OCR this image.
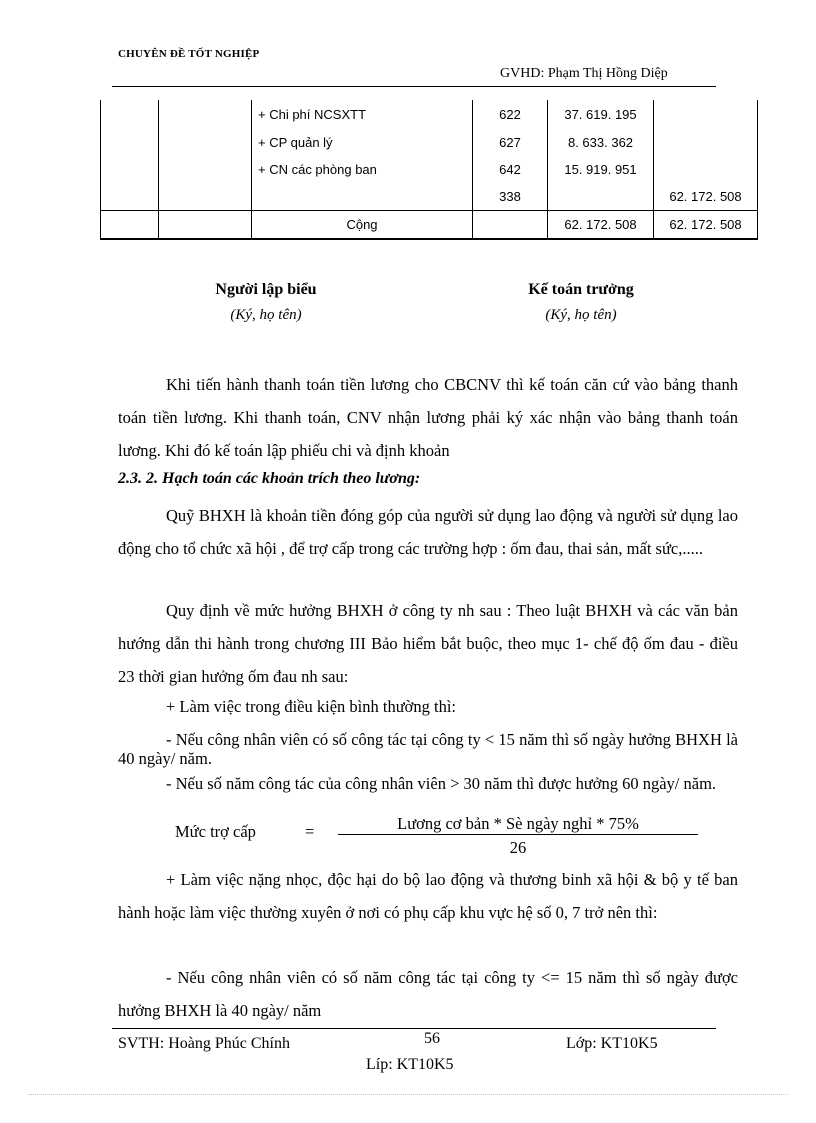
CHUYÊN ĐỀ TỐT NGHIỆP
GVHD: Phạm Thị Hồng Diệp
		+ Chi phí NCSXTT	622	37. 619. 195	
		+ CP quản lý	627	8. 633. 362	
		+ CN các phòng ban	642	15. 919. 951	
			338		62. 172. 508
		Cộng		62. 172. 508	62. 172. 508
Người lập biểu
(Ký, họ tên)
Kế toán trưởng
(Ký, họ tên)
Khi tiến hành thanh toán tiền lương cho CBCNV thì kế toán căn cứ vào bảng thanh toán tiền lương. Khi thanh toán, CNV nhận lương phải ký xác nhận vào bảng thanh toán lương. Khi đó kế toán lập phiếu chi và định khoản
2.3. 2. Hạch toán các khoản trích theo lương:
Quỹ BHXH là khoản tiền đóng góp của người sử dụng lao động và người sử dụng lao động cho tổ chức xã hội , để trợ cấp trong các trường hợp : ốm đau, thai sản, mất sức,.....
Quy định về mức hưởng BHXH ở công ty nh sau : Theo luật BHXH và các văn bản hướng dẫn thi hành trong chương III Bảo hiểm bắt buộc, theo mục 1- chế độ ốm đau - điều 23 thời gian hưởng ốm đau nh sau:
+ Làm việc trong điều kiện bình thường thì:
- Nếu công nhân viên có số công tác tại công ty < 15 năm thì số ngày hưởng BHXH là 40 ngày/ năm.
- Nếu số năm công tác của công nhân viên > 30 năm thì được hưởng 60 ngày/ năm.
Mức trợ cấp	=	Lương cơ bản * Sè ngày nghỉ * 75%
26
+ Làm việc nặng nhọc, độc hại do bộ lao động và thương binh xã hội & bộ y tế ban hành hoặc làm việc thường xuyên ở nơi có phụ cấp khu vực hệ số 0, 7 trở nên thì:
- Nếu công nhân viên có số năm công tác tại công ty <= 15 năm thì số ngày được hưởng BHXH là 40 ngày/ năm
SVTH: Hoàng Phúc Chính	56	Lớp: KT10K5
Líp: KT10K5
